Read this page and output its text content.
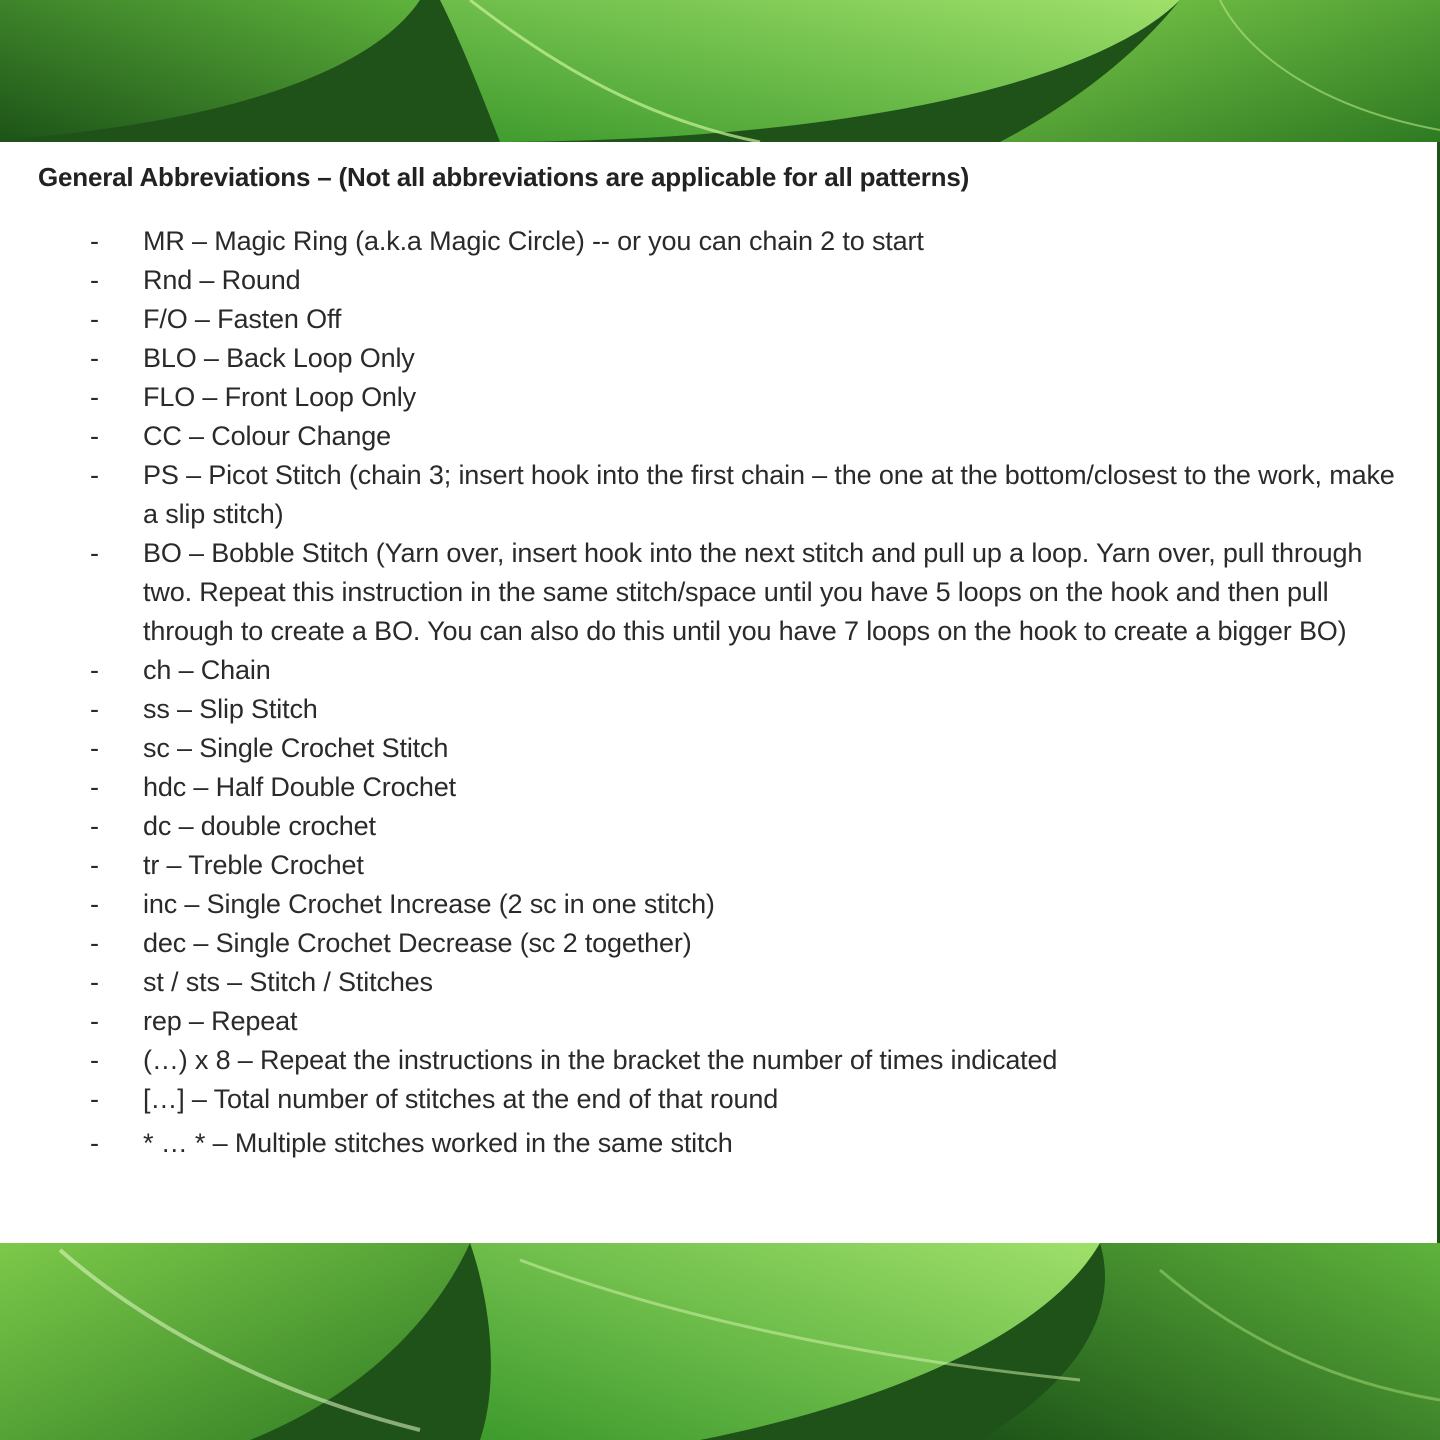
General Abbreviations – (Not all abbreviations are applicable for all patterns)
- MR – Magic Ring (a.k.a Magic Circle) -- or you can chain 2 to start
- Rnd – Round
- F/O – Fasten Off
- BLO – Back Loop Only
- FLO – Front Loop Only
- CC – Colour Change
- PS – Picot Stitch (chain 3; insert hook into the first chain – the one at the bottom/closest to the work, make a slip stitch)
- BO – Bobble Stitch (Yarn over, insert hook into the next stitch and pull up a loop. Yarn over, pull through two. Repeat this instruction in the same stitch/space until you have 5 loops on the hook and then pull through to create a BO. You can also do this until you have 7 loops on the hook to create a bigger BO)
- ch – Chain
- ss – Slip Stitch
- sc – Single Crochet Stitch
- hdc – Half Double Crochet
- dc – double crochet
- tr – Treble Crochet
- inc – Single Crochet Increase (2 sc in one stitch)
- dec – Single Crochet Decrease (sc 2 together)
- st / sts – Stitch / Stitches
- rep – Repeat
- (…) x 8 – Repeat the instructions in the bracket the number of times indicated
- […] – Total number of stitches at the end of that round
- * … * – Multiple stitches worked in the same stitch
